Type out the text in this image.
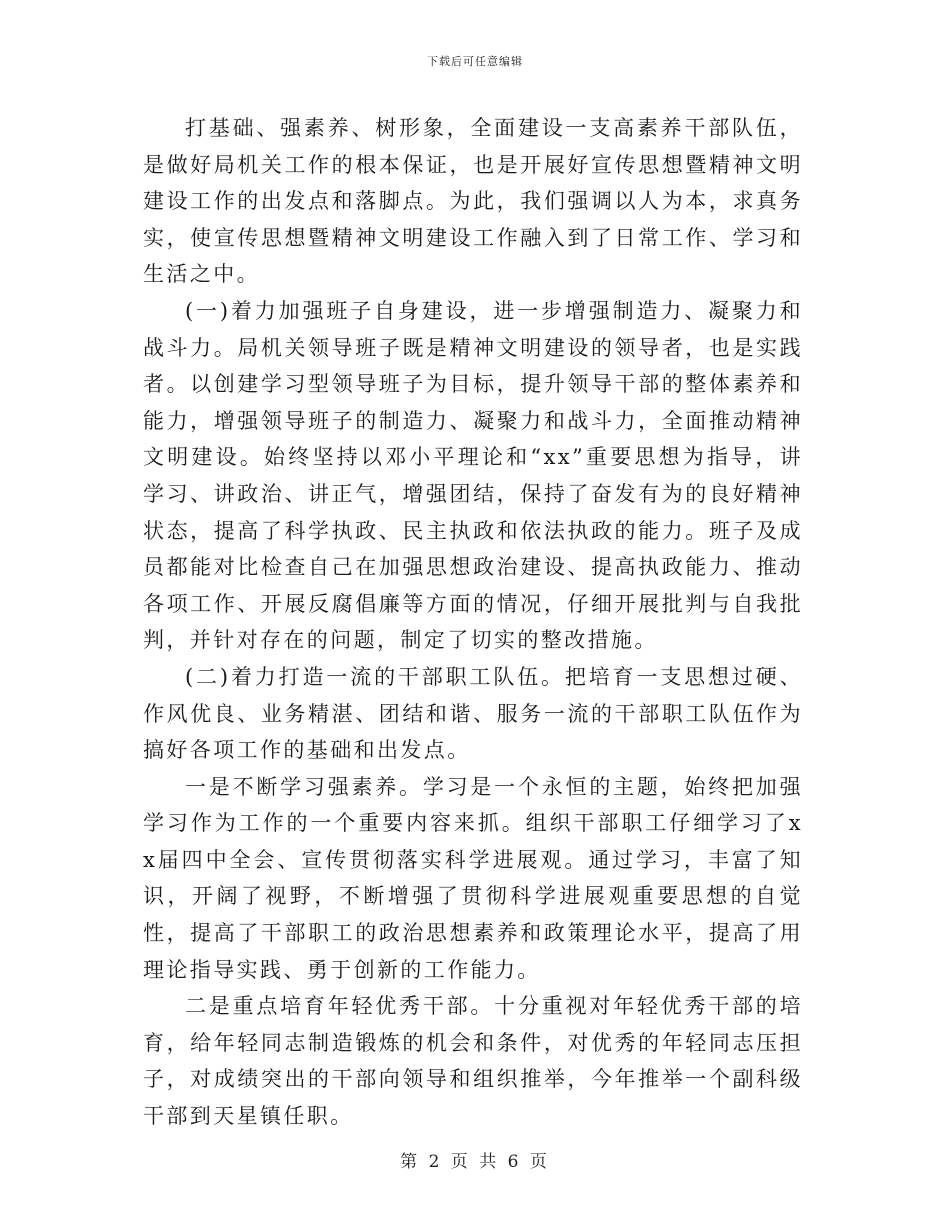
下载后可任意编辑

打基础、强素养、树形象，全面建设一支高素养干部队伍，是做好局机关工作的根本保证，也是开展好宣传思想暨精神文明建设工作的出发点和落脚点。为此，我们强调以人为本，求真务实，使宣传思想暨精神文明建设工作融入到了日常工作、学习和生活之中。

(一)着力加强班子自身建设，进一步增强制造力、凝聚力和战斗力。局机关领导班子既是精神文明建设的领导者，也是实践者。以创建学习型领导班子为目标，提升领导干部的整体素养和能力，增强领导班子的制造力、凝聚力和战斗力，全面推动精神文明建设。始终坚持以邓小平理论和“xx”重要思想为指导，讲学习、讲政治、讲正气，增强团结，保持了奋发有为的良好精神状态，提高了科学执政、民主执政和依法执政的能力。班子及成员都能对比检查自己在加强思想政治建设、提高执政能力、推动各项工作、开展反腐倡廉等方面的情况，仔细开展批判与自我批判，并针对存在的问题，制定了切实的整改措施。

(二)着力打造一流的干部职工队伍。把培育一支思想过硬、作风优良、业务精湛、团结和谐、服务一流的干部职工队伍作为搞好各项工作的基础和出发点。

一是不断学习强素养。学习是一个永恒的主题，始终把加强学习作为工作的一个重要内容来抓。组织干部职工仔细学习了xx届四中全会、宣传贯彻落实科学进展观。通过学习，丰富了知识，开阔了视野，不断增强了贯彻科学进展观重要思想的自觉性，提高了干部职工的政治思想素养和政策理论水平，提高了用理论指导实践、勇于创新的工作能力。

二是重点培育年轻优秀干部。十分重视对年轻优秀干部的培育，给年轻同志制造锻炼的机会和条件，对优秀的年轻同志压担子，对成绩突出的干部向领导和组织推举，今年推举一个副科级干部到天星镇任职。

第 2 页 共 6 页
